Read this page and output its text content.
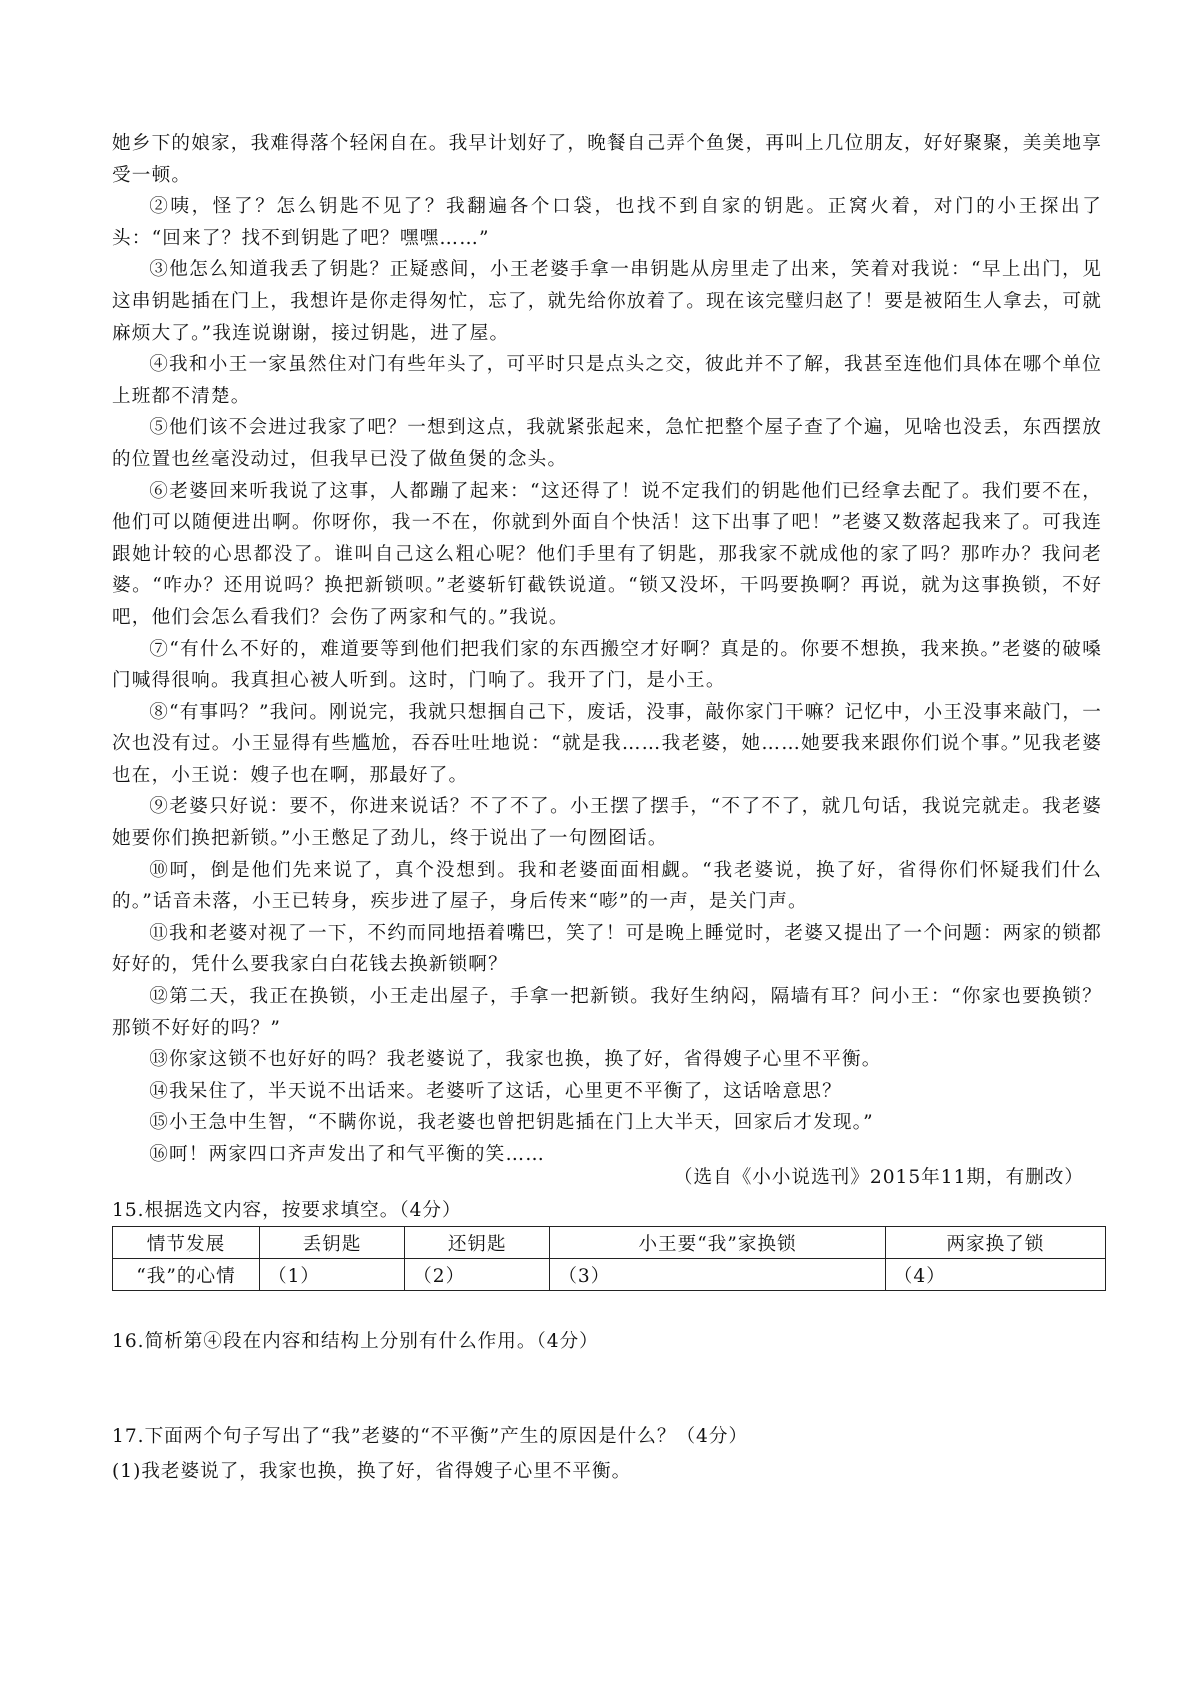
她乡下的娘家，我难得落个轻闲自在。我早计划好了，晚餐自己弄个鱼煲，再叫上几位朋友，好好聚聚，美美地享受一顿。

②咦，怪了？怎么钥匙不见了？我翻遍各个口袋，也找不到自家的钥匙。正窝火着，对门的小王探出了头：“回来了？找不到钥匙了吧？嘿嘿……”

③他怎么知道我丢了钥匙？正疑惑间，小王老婆手拿一串钥匙从房里走了出来，笑着对我说：“早上出门，见这串钥匙插在门上，我想许是你走得匆忙，忘了，就先给你放着了。现在该完璧归赵了！要是被陌生人拿去，可就麻烦大了。”我连说谢谢，接过钥匙，进了屋。

④我和小王一家虽然住对门有些年头了，可平时只是点头之交，彼此并不了解，我甚至连他们具体在哪个单位上班都不清楚。

⑤他们该不会进过我家了吧？一想到这点，我就紧张起来，急忙把整个屋子查了个遍，见啥也没丢，东西摆放的位置也丝毫没动过，但我早已没了做鱼煲的念头。

⑥老婆回来听我说了这事，人都蹦了起来：“这还得了！说不定我们的钥匙他们已经拿去配了。我们要不在，他们可以随便进出啊。你呀你，我一不在，你就到外面自个快活！这下出事了吧！”老婆又数落起我来了。可我连跟她计较的心思都没了。谁叫自己这么粗心呢？他们手里有了钥匙，那我家不就成他的家了吗？那咋办？我问老婆。“咋办？还用说吗？换把新锁呗。”老婆斩钉截铁说道。“锁又没坏，干吗要换啊？再说，就为这事换锁，不好吧，他们会怎么看我们？会伤了两家和气的。”我说。

⑦“有什么不好的，难道要等到他们把我们家的东西搬空才好啊？真是的。你要不想换，我来换。”老婆的破嗓门喊得很响。我真担心被人听到。这时，门响了。我开了门，是小王。

⑧“有事吗？”我问。刚说完，我就只想掴自己下，废话，没事，敲你家门干嘛？记忆中，小王没事来敲门，一次也没有过。小王显得有些尴尬，吞吞吐吐地说：“就是我……我老婆，她……她要我来跟你们说个事。”见我老婆也在，小王说：嫂子也在啊，那最好了。

⑨老婆只好说：要不，你进来说话？不了不了。小王摆了摆手，“不了不了，就几句话，我说完就走。我老婆她要你们换把新锁。”小王憋足了劲儿，终于说出了一句囫囵话。

⑩呵，倒是他们先来说了，真个没想到。我和老婆面面相觑。“我老婆说，换了好，省得你们怀疑我们什么的。”话音未落，小王已转身，疾步进了屋子，身后传来“嘭”的一声，是关门声。

⑪我和老婆对视了一下，不约而同地捂着嘴巴，笑了！可是晚上睡觉时，老婆又提出了一个问题：两家的锁都好好的，凭什么要我家白白花钱去换新锁啊？

⑫第二天，我正在换锁，小王走出屋子，手拿一把新锁。我好生纳闷，隔墙有耳？问小王：“你家也要换锁？那锁不好好的吗？”

⑬你家这锁不也好好的吗？我老婆说了，我家也换，换了好，省得嫂子心里不平衡。

⑭我呆住了，半天说不出话来。老婆听了这话，心里更不平衡了，这话啥意思？

⑮小王急中生智，“不瞒你说，我老婆也曾把钥匙插在门上大半天，回家后才发现。”

⑯呵！两家四口齐声发出了和气平衡的笑……

（选自《小小说选刊》2015年11期，有删改）

15.根据选文内容，按要求填空。（4分）

情节发展	丢钥匙	还钥匙	小王要“我”家换锁	两家换了锁
“我”的心情	（1）	（2）	（3）	（4）

16.简析第④段在内容和结构上分别有什么作用。（4分）

17.下面两个句子写出了“我”老婆的“不平衡”产生的原因是什么？（4分）

(1)我老婆说了，我家也换，换了好，省得嫂子心里不平衡。
